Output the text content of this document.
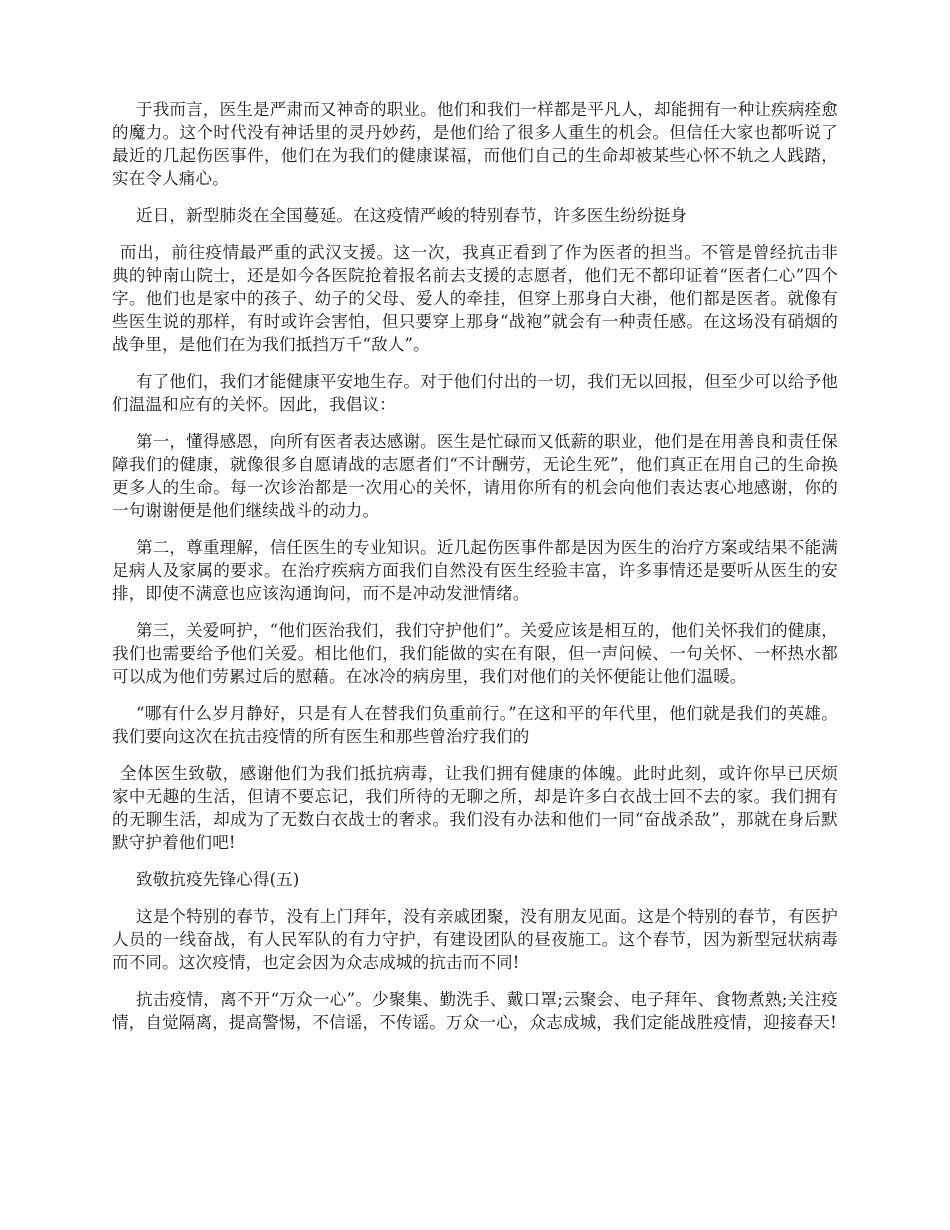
于我而言，医生是严肃而又神奇的职业。他们和我们一样都是平凡人，却能拥有一种让疾病痊愈的魔力。这个时代没有神话里的灵丹妙药，是他们给了很多人重生的机会。但信任大家也都听说了最近的几起伤医事件，他们在为我们的健康谋福，而他们自己的生命却被某些心怀不轨之人践踏，实在令人痛心。

近日，新型肺炎在全国蔓延。在这疫情严峻的特别春节，许多医生纷纷挺身

而出，前往疫情最严重的武汉支援。这一次，我真正看到了作为医者的担当。不管是曾经抗击非典的钟南山院士，还是如今各医院抢着报名前去支援的志愿者，他们无不都印证着“医者仁心”四个字。他们也是家中的孩子、幼子的父母、爱人的牵挂，但穿上那身白大褂，他们都是医者。就像有些医生说的那样，有时或许会害怕，但只要穿上那身“战袍”就会有一种责任感。在这场没有硝烟的战争里，是他们在为我们抵挡万千“敌人”。

有了他们，我们才能健康平安地生存。对于他们付出的一切，我们无以回报，但至少可以给予他们温温和应有的关怀。因此，我倡议：

第一，懂得感恩，向所有医者表达感谢。医生是忙碌而又低薪的职业，他们是在用善良和责任保障我们的健康，就像很多自愿请战的志愿者们“不计酬劳，无论生死”，他们真正在用自己的生命换更多人的生命。每一次诊治都是一次用心的关怀，请用你所有的机会向他们表达衷心地感谢，你的一句谢谢便是他们继续战斗的动力。

第二，尊重理解，信任医生的专业知识。近几起伤医事件都是因为医生的治疗方案或结果不能满足病人及家属的要求。在治疗疾病方面我们自然没有医生经验丰富，许多事情还是要听从医生的安排，即使不满意也应该沟通询问，而不是冲动发泄情绪。

第三，关爱呵护，“他们医治我们，我们守护他们”。关爱应该是相互的，他们关怀我们的健康，我们也需要给予他们关爱。相比他们，我们能做的实在有限，但一声问候、一句关怀、一杯热水都可以成为他们劳累过后的慰藉。在冰冷的病房里，我们对他们的关怀便能让他们温暖。

“哪有什么岁月静好，只是有人在替我们负重前行。”在这和平的年代里，他们就是我们的英雄。我们要向这次在抗击疫情的所有医生和那些曾治疗我们的

全体医生致敬，感谢他们为我们抵抗病毒，让我们拥有健康的体魄。此时此刻，或许你早已厌烦家中无趣的生活，但请不要忘记，我们所待的无聊之所，却是许多白衣战士回不去的家。我们拥有的无聊生活，却成为了无数白衣战士的奢求。我们没有办法和他们一同“奋战杀敌”，那就在身后默默守护着他们吧!

致敬抗疫先锋心得(五)

这是个特别的春节，没有上门拜年，没有亲戚团聚，没有朋友见面。这是个特别的春节，有医护人员的一线奋战，有人民军队的有力守护，有建设团队的昼夜施工。这个春节，因为新型冠状病毒而不同。这次疫情，也定会因为众志成城的抗击而不同!

抗击疫情，离不开“万众一心”。少聚集、勤洗手、戴口罩;云聚会、电子拜年、食物煮熟;关注疫情，自觉隔离，提高警惕，不信谣，不传谣。万众一心，众志成城，我们定能战胜疫情，迎接春天!
